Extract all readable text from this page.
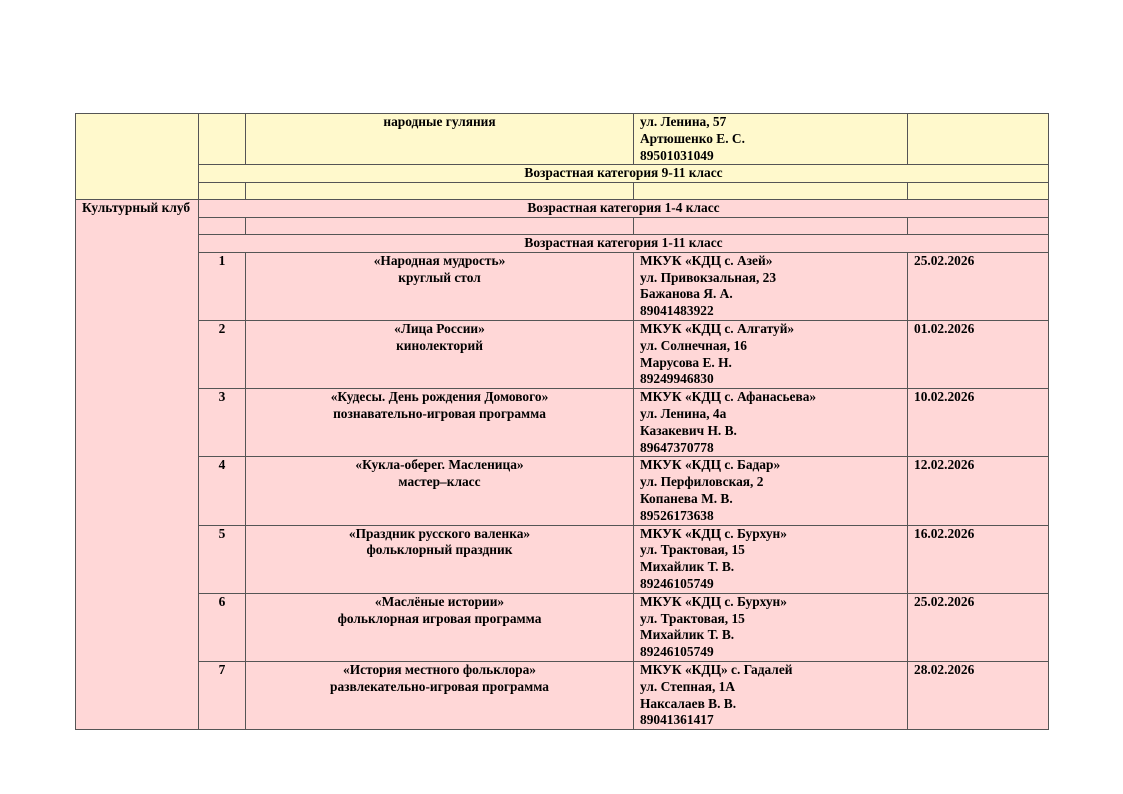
		народные гуляния	ул. Ленина, 57
Артюшенко Е. С.
89501031049	

	Возрастная категория 9-11 класс			

Культурный клуб	Возрастная категория 1-4 класс			

	Возрастная категория 1-11 класс			
	1	«Народная мудрость»
круглый стол	МКУК «КДЦ с. Азей»
ул. Привокзальная, 23
Бажанова Я. А.
89041483922	25.02.2026
	2	«Лица России»
кинолекторий	МКУК «КДЦ с. Алгатуй»
ул. Солнечная, 16
Марусова Е. Н.
89249946830	01.02.2026
	3	«Кудесы. День рождения Домового»
познавательно-игровая программа	МКУК «КДЦ с. Афанасьева»
ул. Ленина, 4а
Казакевич Н. В.
89647370778	10.02.2026
	4	«Кукла-оберег. Масленица»
мастер–класс	МКУК «КДЦ с. Бадар»
ул. Перфиловская, 2
Копанева М. В.
89526173638	12.02.2026
	5	«Праздник русского валенка»
фольклорный праздник	МКУК «КДЦ с. Бурхун»
ул. Трактовая, 15
Михайлик Т. В.
89246105749	16.02.2026
	6	«Маслёные истории»
фольклорная игровая программа	МКУК «КДЦ с. Бурхун»
ул. Трактовая, 15
Михайлик Т. В.
89246105749	25.02.2026
	7	«История местного фольклора»
развлекательно-игровая программа	МКУК «КДЦ» с. Гадалей
ул. Степная, 1А
Наксалаев В. В.
89041361417	28.02.2026
